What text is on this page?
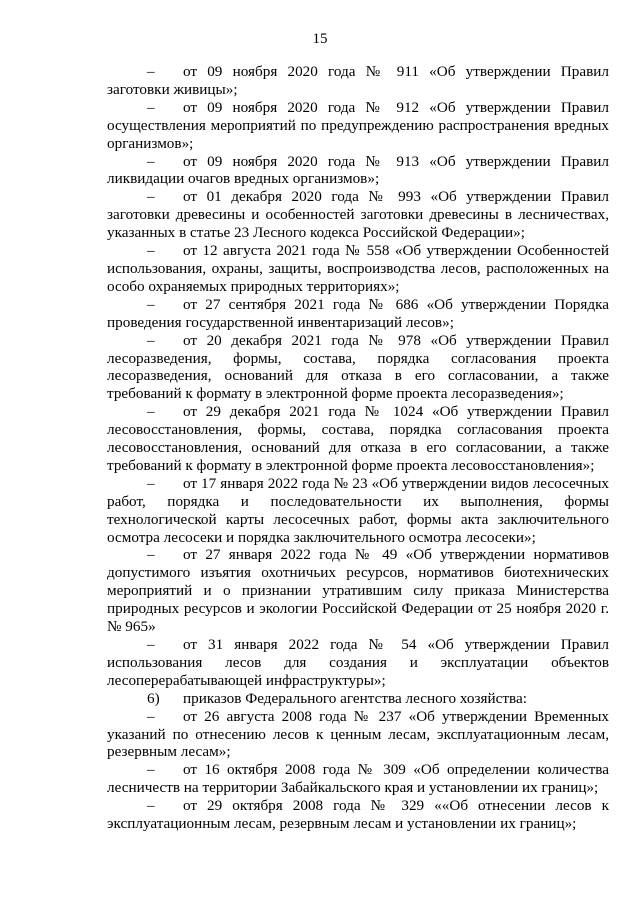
15

– от 09 ноября 2020 года № 911 «Об утверждении Правил заготовки живицы»;

– от 09 ноября 2020 года № 912 «Об утверждении Правил осуществления мероприятий по предупреждению распространения вредных организмов»;

– от 09 ноября 2020 года № 913 «Об утверждении Правил ликвидации очагов вредных организмов»;

– от 01 декабря 2020 года № 993 «Об утверждении Правил заготовки древесины и особенностей заготовки древесины в лесничествах, указанных в статье 23 Лесного кодекса Российской Федерации»;

– от 12 августа 2021 года № 558 «Об утверждении Особенностей использования, охраны, защиты, воспроизводства лесов, расположенных на особо охраняемых природных территориях»;

– от 27 сентября 2021 года № 686 «Об утверждении Порядка проведения государственной инвентаризаций лесов»;

– от 20 декабря 2021 года № 978 «Об утверждении Правил лесоразведения, формы, состава, порядка согласования проекта лесоразведения, оснований для отказа в его согласовании, а также требований к формату в электронной форме проекта лесоразведения»;

– от 29 декабря 2021 года № 1024 «Об утверждении Правил лесовосстановления, формы, состава, порядка согласования проекта лесовосстановления, оснований для отказа в его согласовании, а также требований к формату в электронной форме проекта лесовосстановления»;

– от 17 января 2022 года № 23 «Об утверждении видов лесосечных работ, порядка и последовательности их выполнения, формы технологической карты лесосечных работ, формы акта заключительного осмотра лесосеки и порядка заключительного осмотра лесосеки»;

– от 27 января 2022 года № 49 «Об утверждении нормативов допустимого изъятия охотничьих ресурсов, нормативов биотехнических мероприятий и о признании утратившим силу приказа Министерства природных ресурсов и экологии Российской Федерации от 25 ноября 2020 г. № 965»

– от 31 января 2022 года № 54 «Об утверждении Правил использования лесов для создания и эксплуатации объектов лесоперерабатывающей инфраструктуры»;

6) приказов Федерального агентства лесного хозяйства:

– от 26 августа 2008 года № 237 «Об утверждении Временных указаний по отнесению лесов к ценным лесам, эксплуатационным лесам, резервным лесам»;

– от 16 октября 2008 года № 309 «Об определении количества лесничеств на территории Забайкальского края и установлении их границ»;

– от 29 октября 2008 года № 329 ««Об отнесении лесов к эксплуатационным лесам, резервным лесам и установлении их границ»;
